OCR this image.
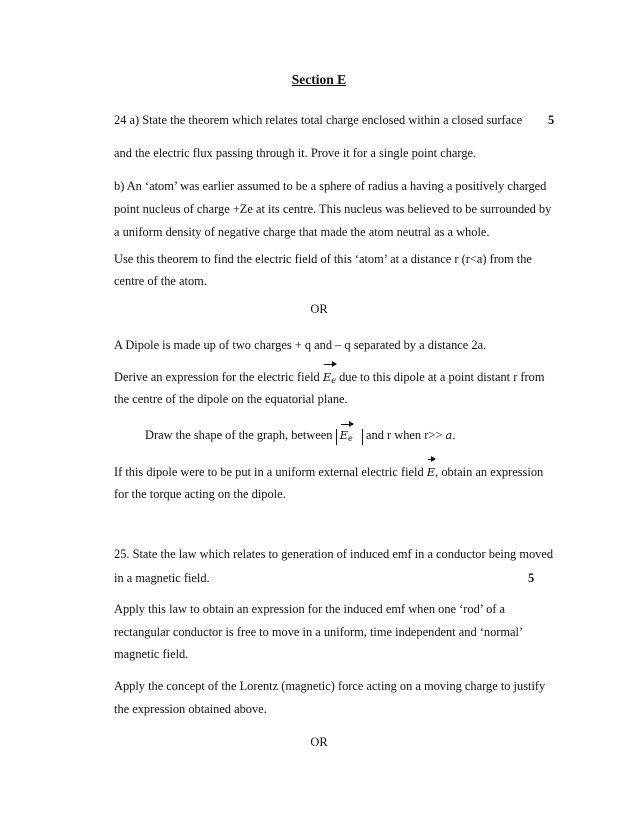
Section E
24 a) State the theorem which relates total charge enclosed within a closed surface 5
and the electric flux passing through it. Prove it for a single point charge.
b) An ‘atom’ was earlier assumed to be a sphere of radius a having a positively charged
point nucleus of charge +Ze at its centre. This nucleus was believed to be surrounded by
a uniform density of negative charge that made the atom neutral as a whole.
Use this theorem to find the electric field of this ‘atom’ at a distance r (r<a) from the
centre of the atom.
OR
A Dipole is made up of two charges + q and – q separated by a distance 2a.
Derive an expression for the electric field $E_e$ due to this dipole at a point distant r from
the centre of the dipole on the equatorial plane.
Draw the shape of the graph, between $E_e$   and r when r>> a.
If this dipole were to be put in a uniform external electric field E, obtain an expression
for the torque acting on the dipole.
25. State the law which relates to generation of induced emf in a conductor being moved
in a magnetic field.	5
Apply this law to obtain an expression for the induced emf when one ‘rod’ of a
rectangular conductor is free to move in a uniform, time independent and ‘normal’
magnetic field.
Apply the concept of the Lorentz (magnetic) force acting on a moving charge to justify
the expression obtained above.
OR
